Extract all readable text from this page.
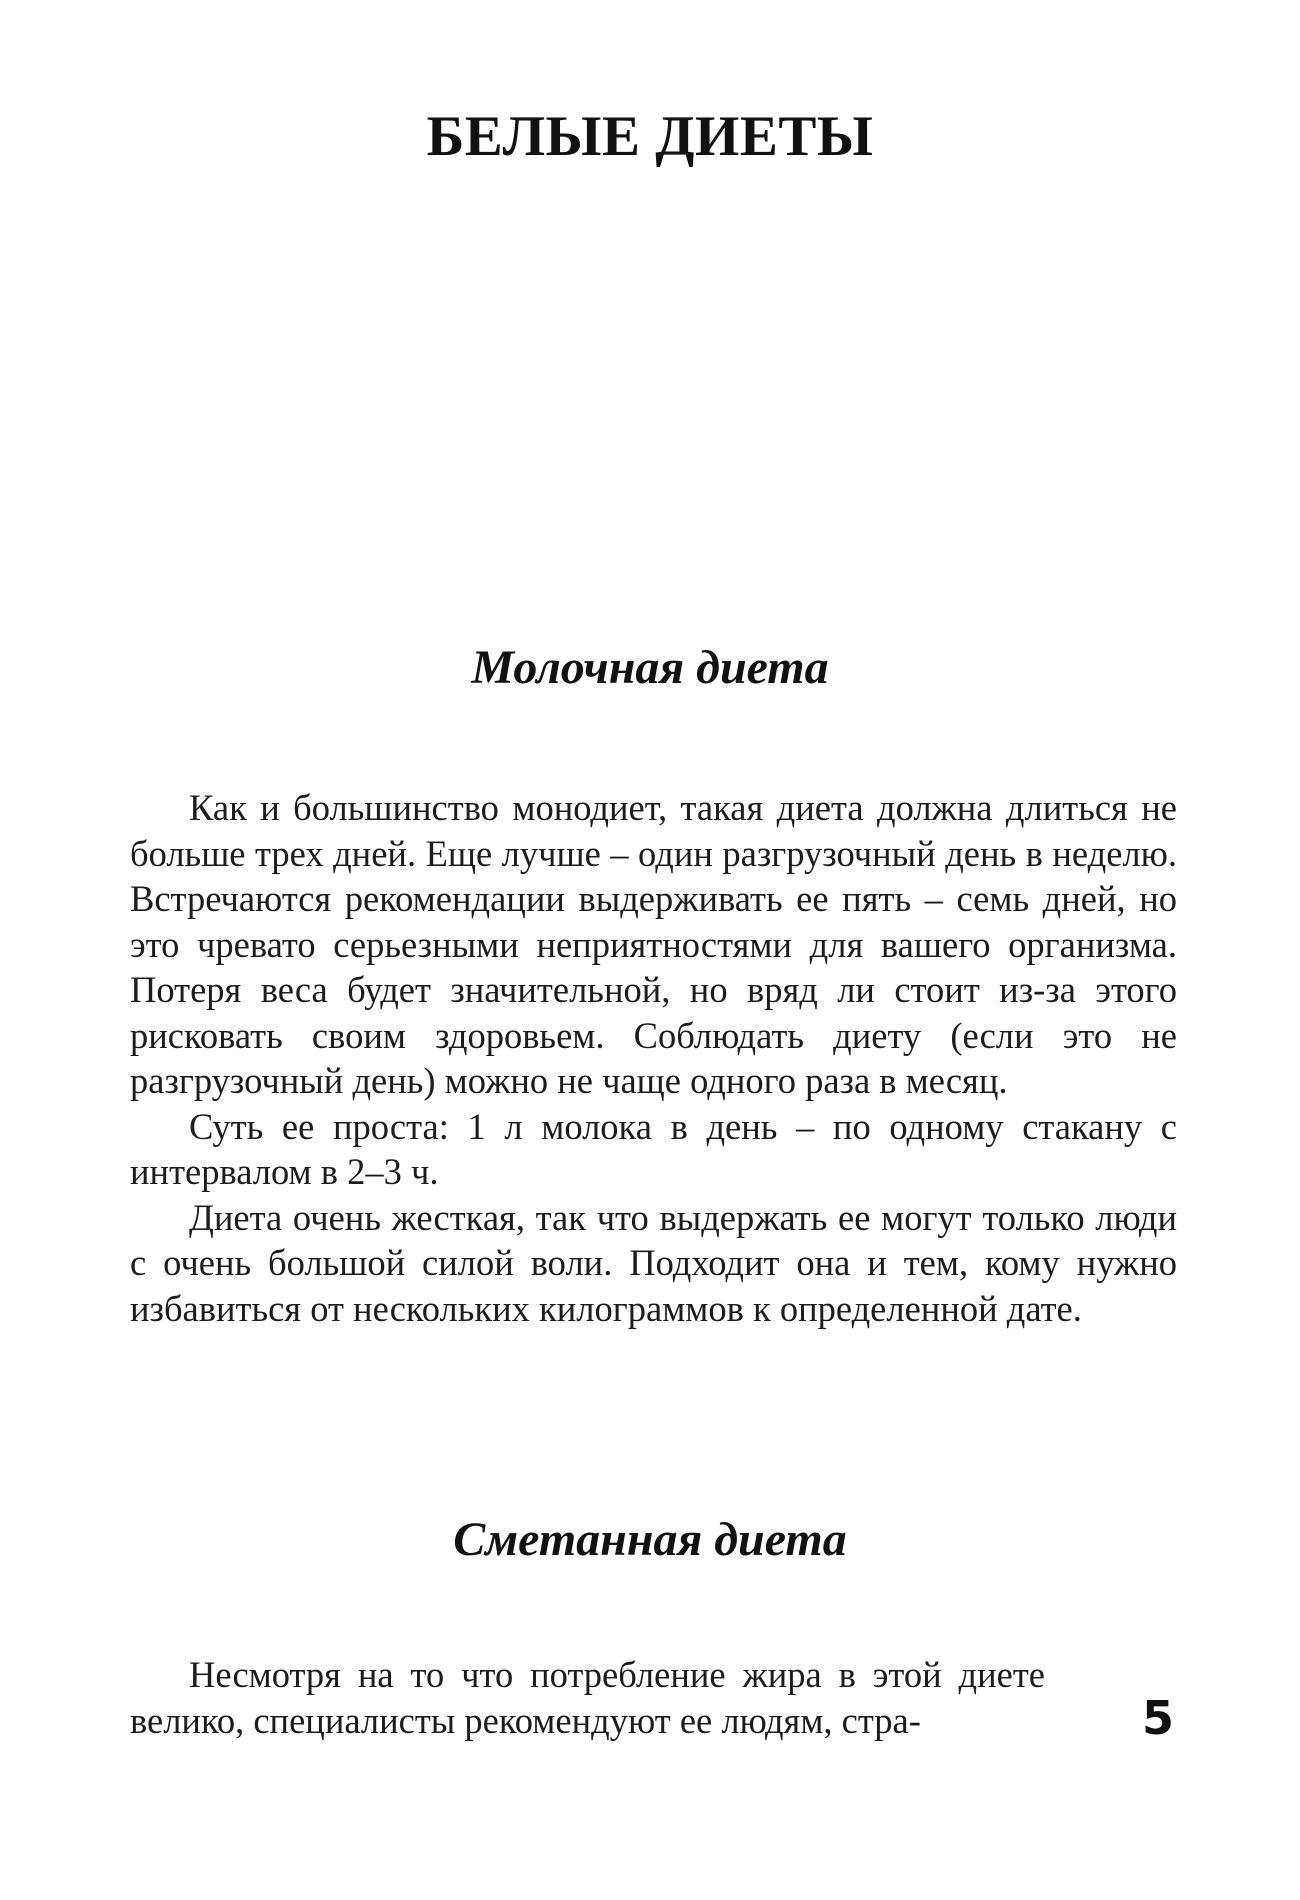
БЕЛЫЕ ДИЕТЫ
Молочная диета

Как и большинство монодиет, такая диета должна длиться не больше трех дней. Еще лучше – один разгрузочный день в неделю. Встречаются рекомендации выдерживать ее пять – семь дней, но это чревато серьезными неприятностями для вашего организма. Потеря веса будет значительной, но вряд ли стоит из-за этого рисковать своим здоровьем. Соблюдать диету (если это не разгрузочный день) можно не чаще одного раза в месяц.

Суть ее проста: 1 л молока в день – по одному стакану с интервалом в 2–3 ч.

Диета очень жесткая, так что выдержать ее могут только люди с очень большой силой воли. Подходит она и тем, кому нужно избавиться от нескольких килограммов к определенной дате.

Сметанная диета

Несмотря на то что потребление жира в этой диете велико, специалисты рекомендуют ее людям, стра-	5
